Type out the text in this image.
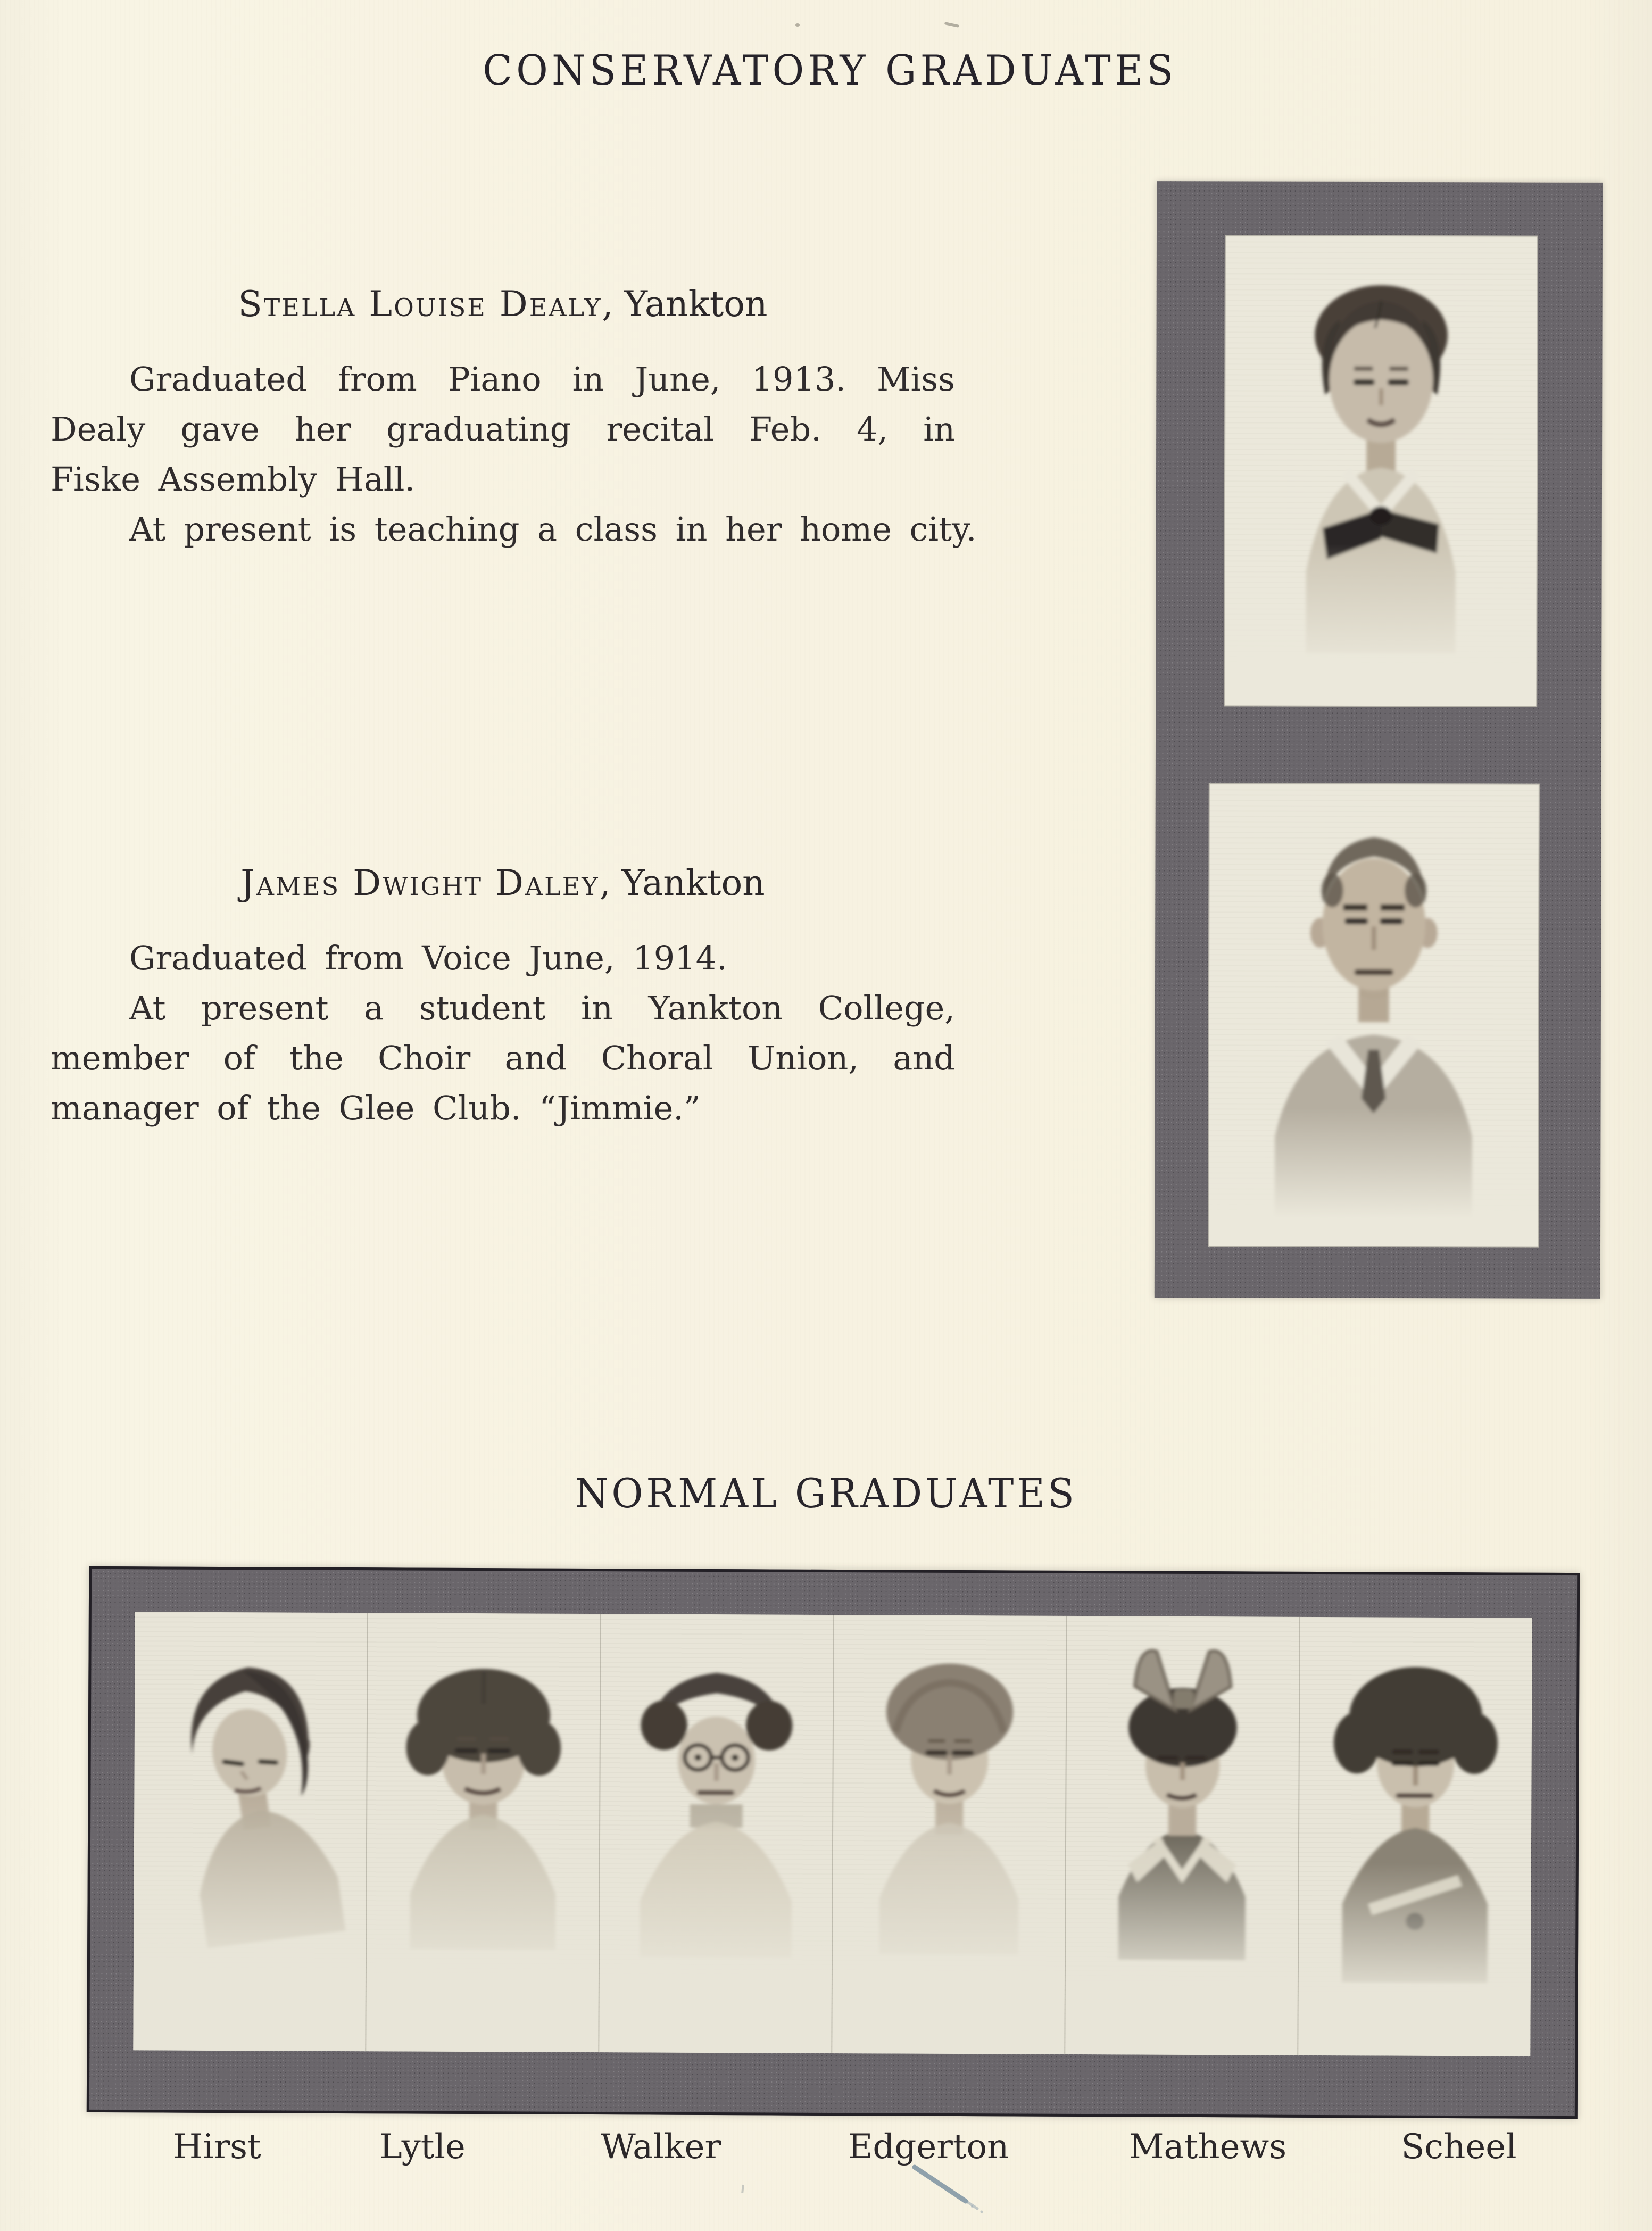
CONSERVATORY GRADUATES
Stella Louise Dealy, Yankton
Graduated from Piano in June, 1913. Miss
Dealy gave her graduating recital Feb. 4, in
Fiske Assembly Hall.
At present is teaching a class in her home city.
James Dwight Daley, Yankton
Graduated from Voice June, 1914.
At present a student in Yankton College,
member of the Choir and Choral Union, and
manager of the Glee Club. “Jimmie.”
NORMAL GRADUATES
Hirst	Lytle	Walker	Edgerton	Mathews	Scheel
